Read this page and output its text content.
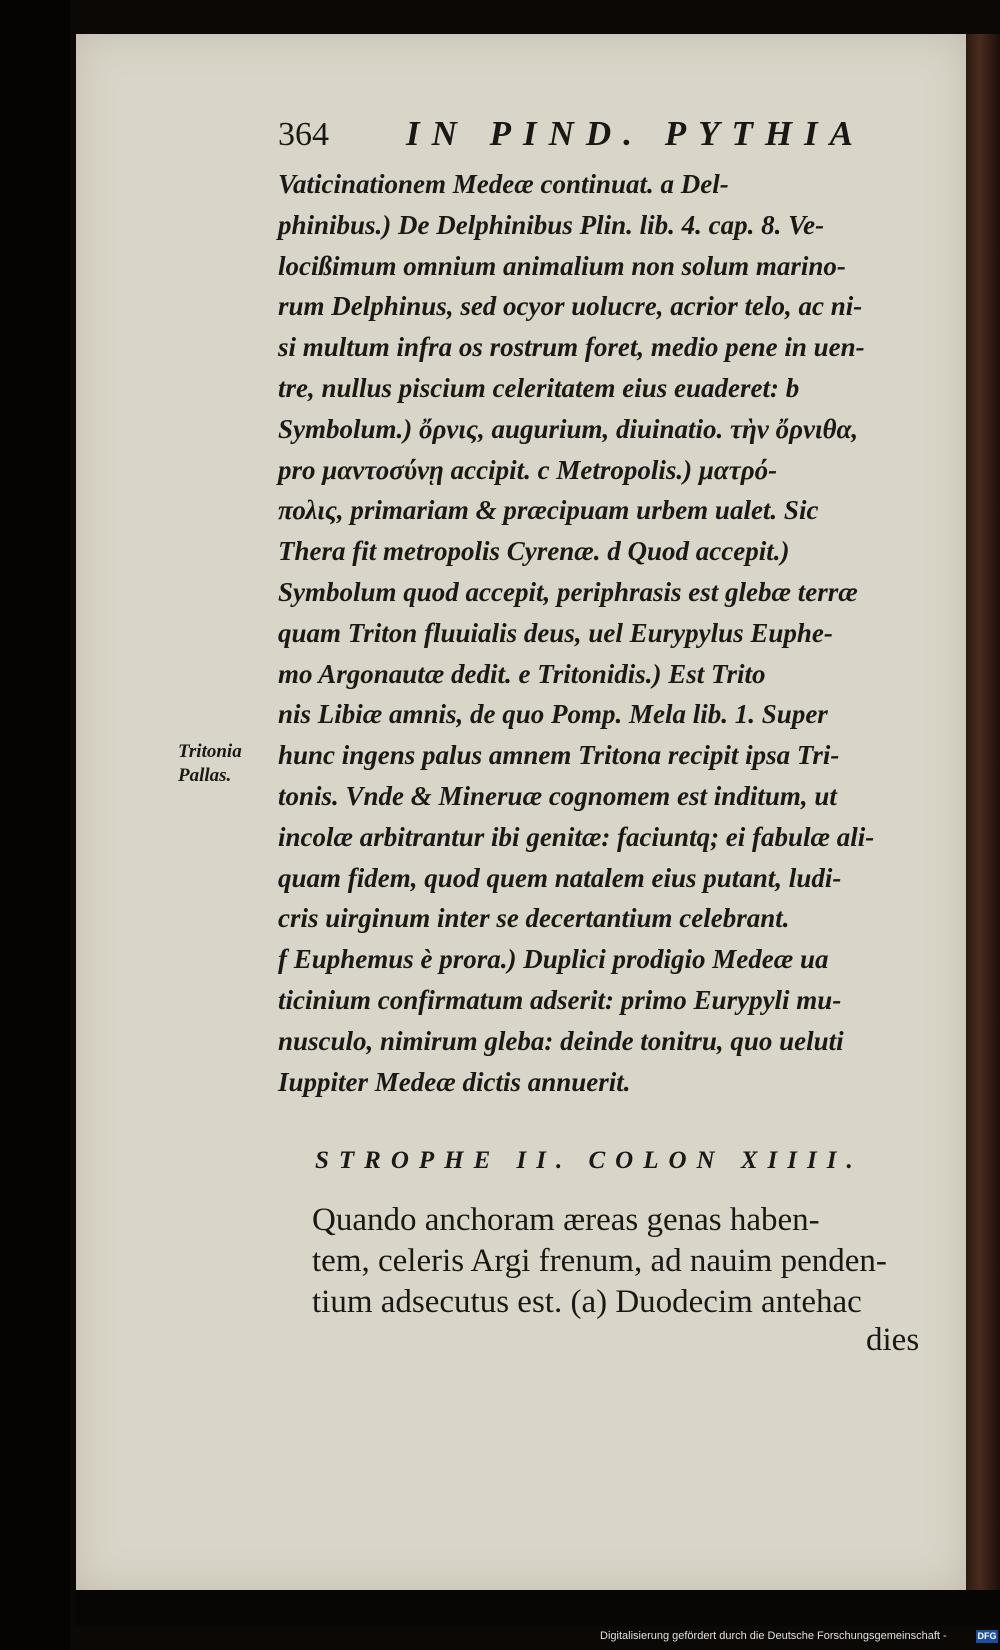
364 IN PIND. PYTHIA
Vaticinationem Medeæ continuat. a Del-
phinibus.) De Delphinibus Plin. lib. 4. cap. 8. Ve-
locißimum omnium animalium non solum marino-
rum Delphinus, sed ocyor uolucre, acrior telo, ac ni-
si multum infra os rostrum foret, medio pene in uen-
tre, nullus piscium celeritatem eius euaderet: b
Symbolum.) ὄρνις, augurium, diuinatio. τὴν ὄρνιθα,
pro μαντοσύνῃ accipit. c Metropolis.) ματρό-
πολις, primariam & præcipuam urbem ualet. Sic
Thera fit metropolis Cyrenæ. d Quod accepit.)
Symbolum quod accepit, periphrasis est glebæ terræ
quam Triton fluuialis deus, uel Eurypylus Euphe-
mo Argonautæ dedit. e Tritonidis.) Est Trito
nis Libiæ amnis, de quo Pomp. Mela lib. 1. Super
hunc ingens palus amnem Tritona recipit ipsa Tri-
tonis. Vnde & Mineruæ cognomem est inditum, ut
incolæ arbitrantur ibi genitæ: faciuntq; ei fabulæ ali-
quam fidem, quod quem natalem eius putant, ludi-
cris uirginum inter se decertantium celebrant.
f Euphemus è prora.) Duplici prodigio Medeæ ua
ticinium confirmatum adserit: primo Eurypyli mu-
nusculo, nimirum gleba: deinde tonitru, quo ueluti
Iuppiter Medeæ dictis annuerit.
Tritonia
Pallas.
STROPHE II. COLON XIIII.
Quando anchoram æreas genas haben-
tem, celeris Argi frenum, ad nauim penden-
tium adsecutus est. (a) Duodecim antehac
dies
Digitalisierung gefördert durch die Deutsche Forschungsgemeinschaft -	DFG
